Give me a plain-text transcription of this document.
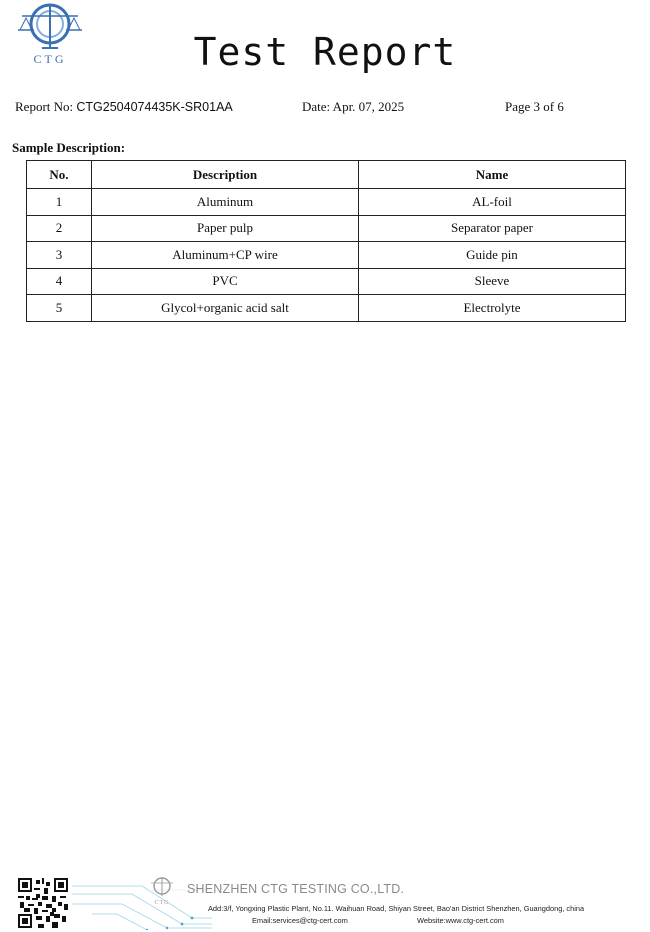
CTG	Test Report
Report No: CTG2504074435K-SR01AA	Date: Apr. 07, 2025	Page 3 of 6
Sample Description:
No.	Description	Name
1	Aluminum	AL-foil
2	Paper pulp	Separator paper
3	Aluminum+CP wire	Guide pin
4	PVC	Sleeve
5	Glycol+organic acid salt	Electrolyte
CTG
SHENZHEN CTG TESTING CO.,LTD.
Add:3/f, Yongxing Plastic Plant, No.11. Waihuan Road, Shiyan Street, Bao'an District Shenzhen, Guangdong, china
Email:services@ctg-cert.com	Website:www.ctg-cert.com
